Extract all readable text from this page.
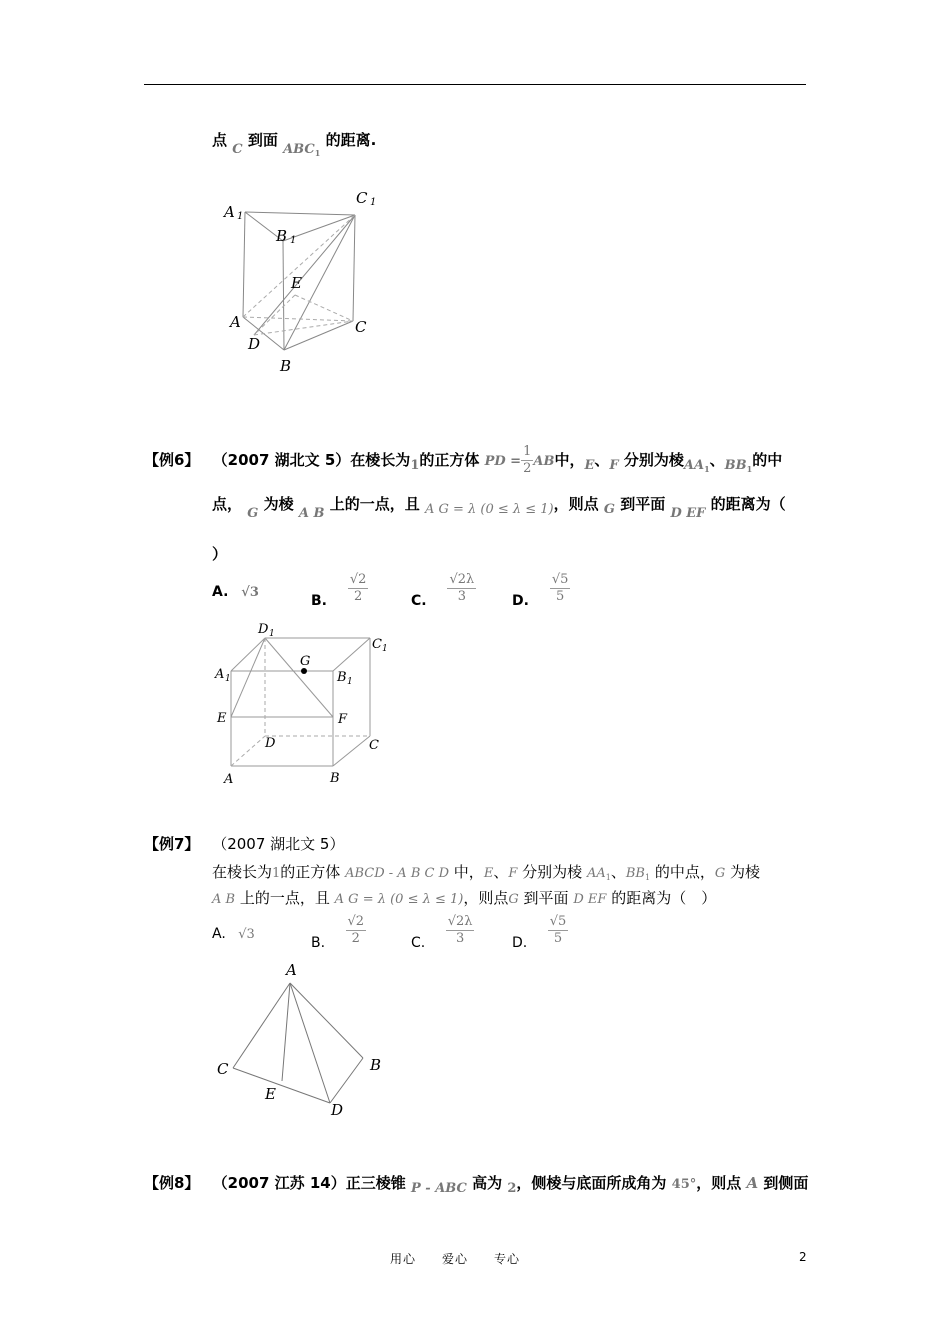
点 C 到面 $ABC_1$ 的距离.
A 1
C 1
B 1
E
A	C
D
B
【例6】 （2007 湖北文 5）在棱长为1的正方体 PD = $\frac{1}{2}$ AB中，E、F 分别为棱$AA_1$、$BB_1$的中
点， G 为棱 A B 上的一点，且 A G = λ (0 ≤ λ ≤ 1)，则点 G 到平面 D EF 的距离为（
）
A. √3	B. $\frac{√2}{2}$	C. $\frac{√2\lambda}{3}$	D. $\frac{√5}{5}$
D 1
C 1
G
A 1	B 1
E	F
D	C
A	B
【例7】 （2007 湖北文 5）
在棱长为1的正方体 ABCD - A B C D 中，E、F 分别为棱 $AA_1$、$BB_1$ 的中点，G 为棱
A B 上的一点，且 A G = λ (0 ≤ λ ≤ 1)，则点G 到平面 D EF 的距离为（　）
A. √3	B. $\frac{√2}{2}$	C. $\frac{√2\lambda}{3}$	D. $\frac{√5}{5}$
A
C	B
E
D
【例8】 （2007 江苏 14）正三棱锥 P - ABC 高为 2，侧棱与底面所成角为 45°，则点 A 到侧面
用心　　爱心　　专心	2
